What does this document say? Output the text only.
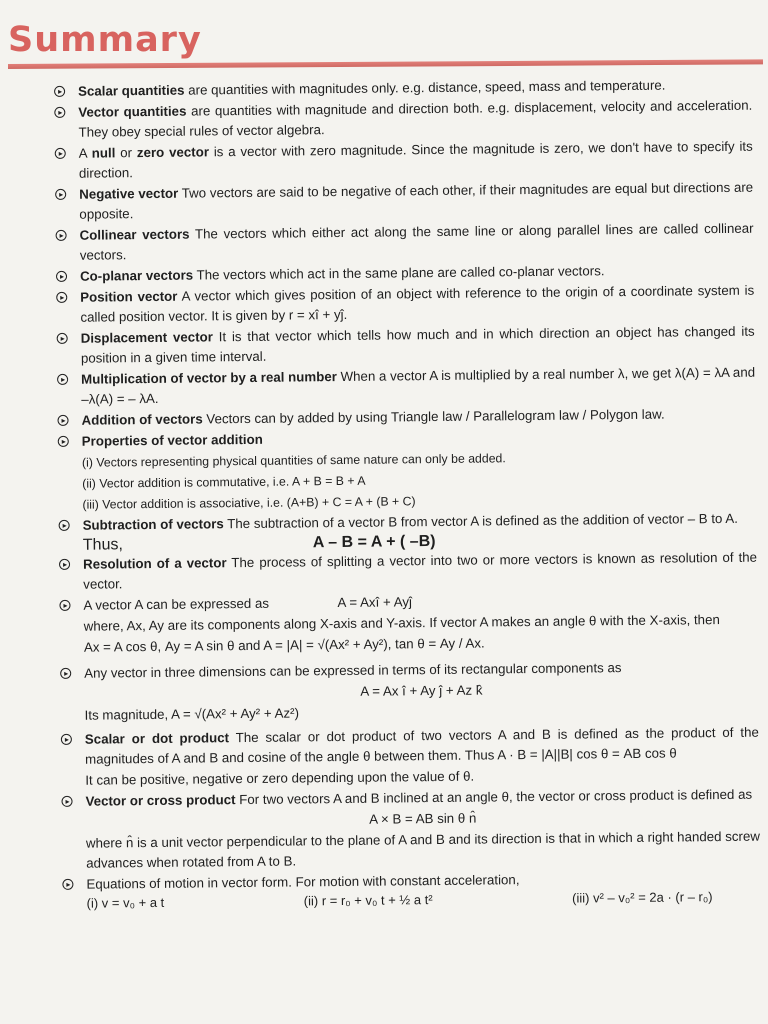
Summary
Scalar quantities are quantities with magnitudes only. e.g. distance, speed, mass and temperature.
Vector quantities are quantities with magnitude and direction both. e.g. displacement, velocity and acceleration. They obey special rules of vector algebra.
A null or zero vector is a vector with zero magnitude. Since the magnitude is zero, we don't have to specify its direction.
Negative vector Two vectors are said to be negative of each other, if their magnitudes are equal but directions are opposite.
Collinear vectors The vectors which either act along the same line or along parallel lines are called collinear vectors.
Co-planar vectors The vectors which act in the same plane are called co-planar vectors.
Position vector A vector which gives position of an object with reference to the origin of a coordinate system is called position vector. It is given by r = xî + yĵ.
Displacement vector It is that vector which tells how much and in which direction an object has changed its position in a given time interval.
Multiplication of vector by a real number When a vector A is multiplied by a real number λ, we get λ(A) = λA and –λ(A) = – λA.
Addition of vectors Vectors can by added by using Triangle law / Parallelogram law / Polygon law.
Properties of vector addition
(i) Vectors representing physical quantities of same nature can only be added.
(ii) Vector addition is commutative, i.e. A + B = B + A
(iii) Vector addition is associative, i.e. (A+B) + C = A + (B + C)
Subtraction of vectors The subtraction of a vector B from vector A is defined as the addition of vector – B to A.
Thus,	A – B = A + ( –B)
Resolution of a vector The process of splitting a vector into two or more vectors is known as resolution of the vector.
A vector A can be expressed as	A = Axî + Ayĵ
where, Ax, Ay are its components along X-axis and Y-axis. If vector A makes an angle θ with the X-axis, then
Ax = A cos θ, Ay = A sin θ and A = |A| = √(Ax² + Ay²), tan θ = Ay / Ax.
Any vector in three dimensions can be expressed in terms of its rectangular components as
A = Ax î + Ay ĵ + Az k̂
Its magnitude, A = √(Ax² + Ay² + Az²)
Scalar or dot product The scalar or dot product of two vectors A and B is defined as the product of the magnitudes of A and B and cosine of the angle θ between them. Thus A · B = |A||B| cos θ = AB cos θ
It can be positive, negative or zero depending upon the value of θ.
Vector or cross product For two vectors A and B inclined at an angle θ, the vector or cross product is defined as
A × B = AB sin θ n̂
where n̂ is a unit vector perpendicular to the plane of A and B and its direction is that in which a right handed screw advances when rotated from A to B.
Equations of motion in vector form. For motion with constant acceleration,
(i) v = v₀ + a t	(ii) r = r₀ + v₀ t + ½ a t²	(iii) v² – v₀² = 2a · (r – r₀)
